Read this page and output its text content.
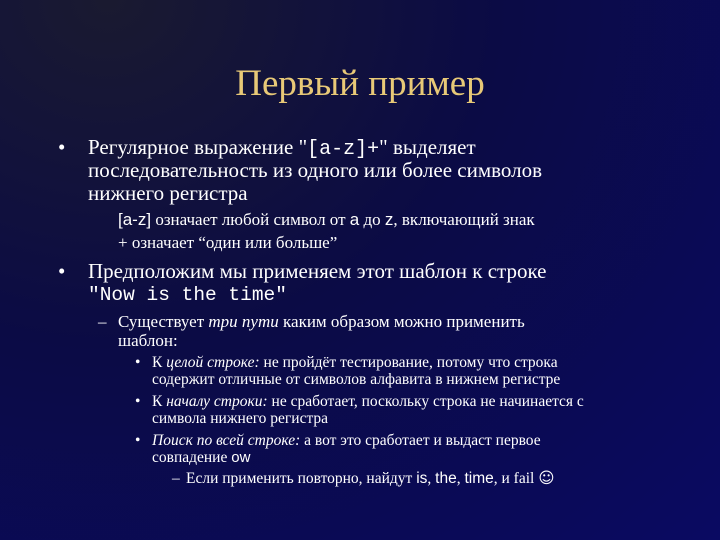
Первый пример
• Регулярное выражение "[a-z]+" выделяет
последовательность из одного или более символов
нижнего регистра
[a-z] означает любой символ от a до z, включающий знак
+ означает “один или больше”
• Предположим мы применяем этот шаблон к строке
"Now is the time"
– Существует три пути каким образом можно применить
шаблон:
• К целой строке: не пройдёт тестирование, потому что строка
содержит отличные от символов алфавита в нижнем регистре
• К началу строки: не сработает, поскольку строка не начинается с
символа нижнего регистра
• Поиск по всей строке: а вот это сработает и выдаст первое
совпадение ow
– Если применить повторно, найдут is, the, time, и fail ☺
